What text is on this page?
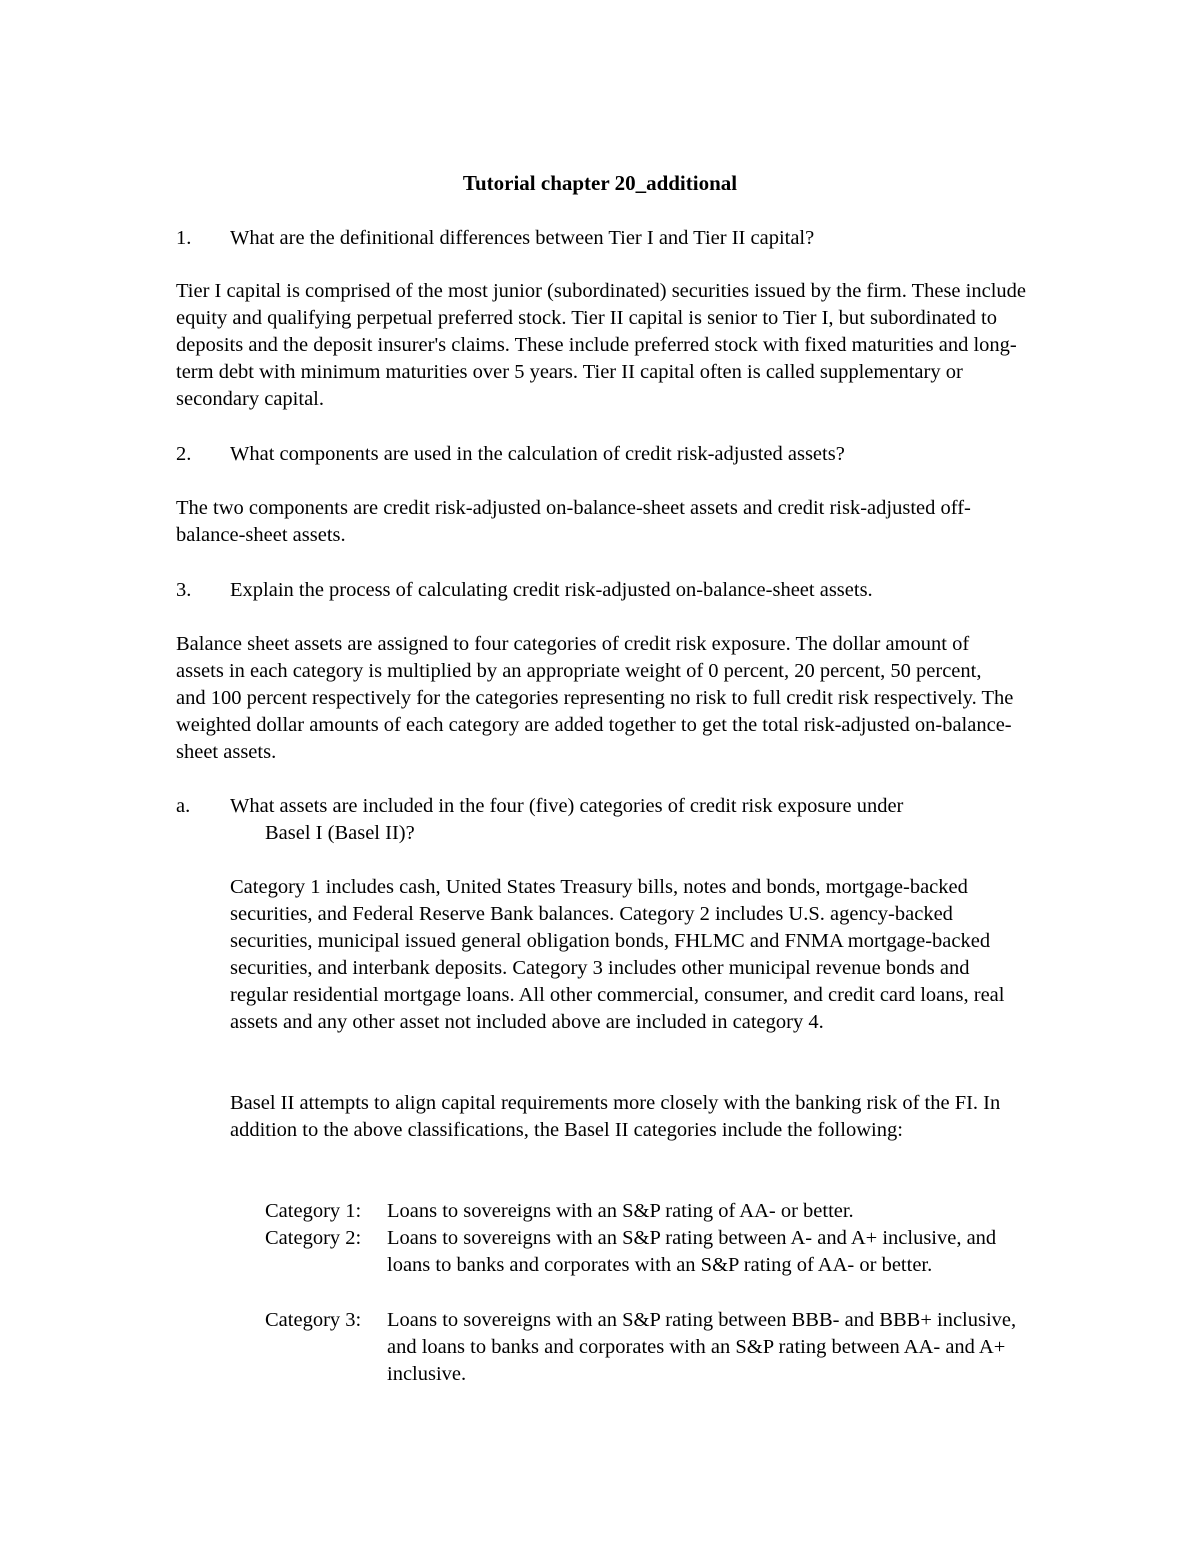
Tutorial chapter 20_additional
1. What are the definitional differences between Tier I and Tier II capital?

Tier I capital is comprised of the most junior (subordinated) securities issued by the firm. These include equity and qualifying perpetual preferred stock. Tier II capital is senior to Tier I, but subordinated to deposits and the deposit insurer's claims. These include preferred stock with fixed maturities and long-term debt with minimum maturities over 5 years. Tier II capital often is called supplementary or secondary capital.

2. What components are used in the calculation of credit risk-adjusted assets?

The two components are credit risk-adjusted on-balance-sheet assets and credit risk-adjusted off-balance-sheet assets.

3. Explain the process of calculating credit risk-adjusted on-balance-sheet assets.

Balance sheet assets are assigned to four categories of credit risk exposure. The dollar amount of assets in each category is multiplied by an appropriate weight of 0 percent, 20 percent, 50 percent, and 100 percent respectively for the categories representing no risk to full credit risk respectively. The weighted dollar amounts of each category are added together to get the total risk-adjusted on-balance-sheet assets.

a. What assets are included in the four (five) categories of credit risk exposure under
Basel I (Basel II)?

Category 1 includes cash, United States Treasury bills, notes and bonds, mortgage-backed securities, and Federal Reserve Bank balances. Category 2 includes U.S. agency-backed securities, municipal issued general obligation bonds, FHLMC and FNMA mortgage-backed securities, and interbank deposits. Category 3 includes other municipal revenue bonds and regular residential mortgage loans. All other commercial, consumer, and credit card loans, real assets and any other asset not included above are included in category 4.

Basel II attempts to align capital requirements more closely with the banking risk of the FI. In addition to the above classifications, the Basel II categories include the following:

Category 1: Loans to sovereigns with an S&P rating of AA- or better.
Category 2: Loans to sovereigns with an S&P rating between A- and A+ inclusive, and loans to banks and corporates with an S&P rating of AA- or better.
Category 3: Loans to sovereigns with an S&P rating between BBB- and BBB+ inclusive, and loans to banks and corporates with an S&P rating between AA- and A+ inclusive.
